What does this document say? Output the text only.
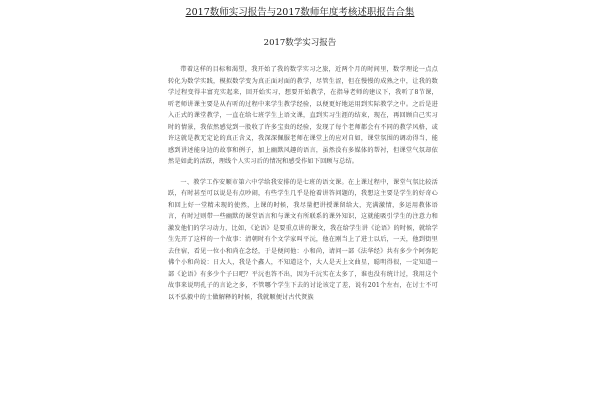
2017数师实习报告与2017数师年度考核述职报告合集
2017数学实习报告

带着这样的目标和渴望，我开始了我的数学实习之旅，近两个月的时间里，数学理论一点点转化为数学实践，模拟数学变为真正面对面的教学，尽管生涩，但在慢慢的成熟之中，让我的数学过程变得丰富充实起来，回开始实习，想要开始教学，在指导老师的建议下，我听了8节课，听老师讲课主要是从有听的过程中来学生教学经验，以便更好地运用到实际教学之中。之后是进入正式的课堂教学，一直在给七班学生上语文课，直到实习生涯的结束，现在，再回顾自己实习时的情景，我依然感觉到一股收了许多宝贵的经验，发现了每个老师都会有不同的教学风格，或许这就是教无定论的真正含义，我深深佩服老师在课堂上的应对自如，课堂氛围的调动得当，能感到讲述能身边的故事和例子，加上幽默风趣的语言，虽然没有多媒体的帮衬，但课堂气氛却依然是如此的活跃，理线个人实习后的情况和感受作如下回顾与总结。

一、教学工作安顺市第六中学给我安排的是七班的语文课。在上课过程中，课堂气氛比较活跃，有时甚至可以说是有点吵闹，有些学生几乎是抢着讲答问题的，我想这主要是学生的好奇心和回上好一堂精未现的使然，上课的时候，我尽量把讲授课留给大，充满激情，多运用教体语言，有时过则带一些幽默的课堂语言和与课文有所联系的课外知识，这就能吸引学生的注意力和激发他们的学习动力，比如，《论语》是要重点讲的课文，我在给学生讲《论语》的时候，就给学生先开了这样的一个故事：清朝时有个文学家叫平沅，他在刚当上了进士以后，一天，他到街里去住宿，看见一位小和尚在念经，于是便问他：小和尚，请问一部《法华经》共有多少个阿弥陀佛个小和尚说：日大人，我是个鑫人，不知道这个，大人是天上文曲星，聪明得很，一定知道一部《论语》有多少个子曰吧？平沅也答不出，因为千沅实在太多了，谁也没有统计过，我用这个故事来说明孔子的言论之多，不管哪个学生下去的讨论该定了差，说有201个左右，在讨士不可以不弘毅中的士做解释的时候，我就顺便讨古代贤族
